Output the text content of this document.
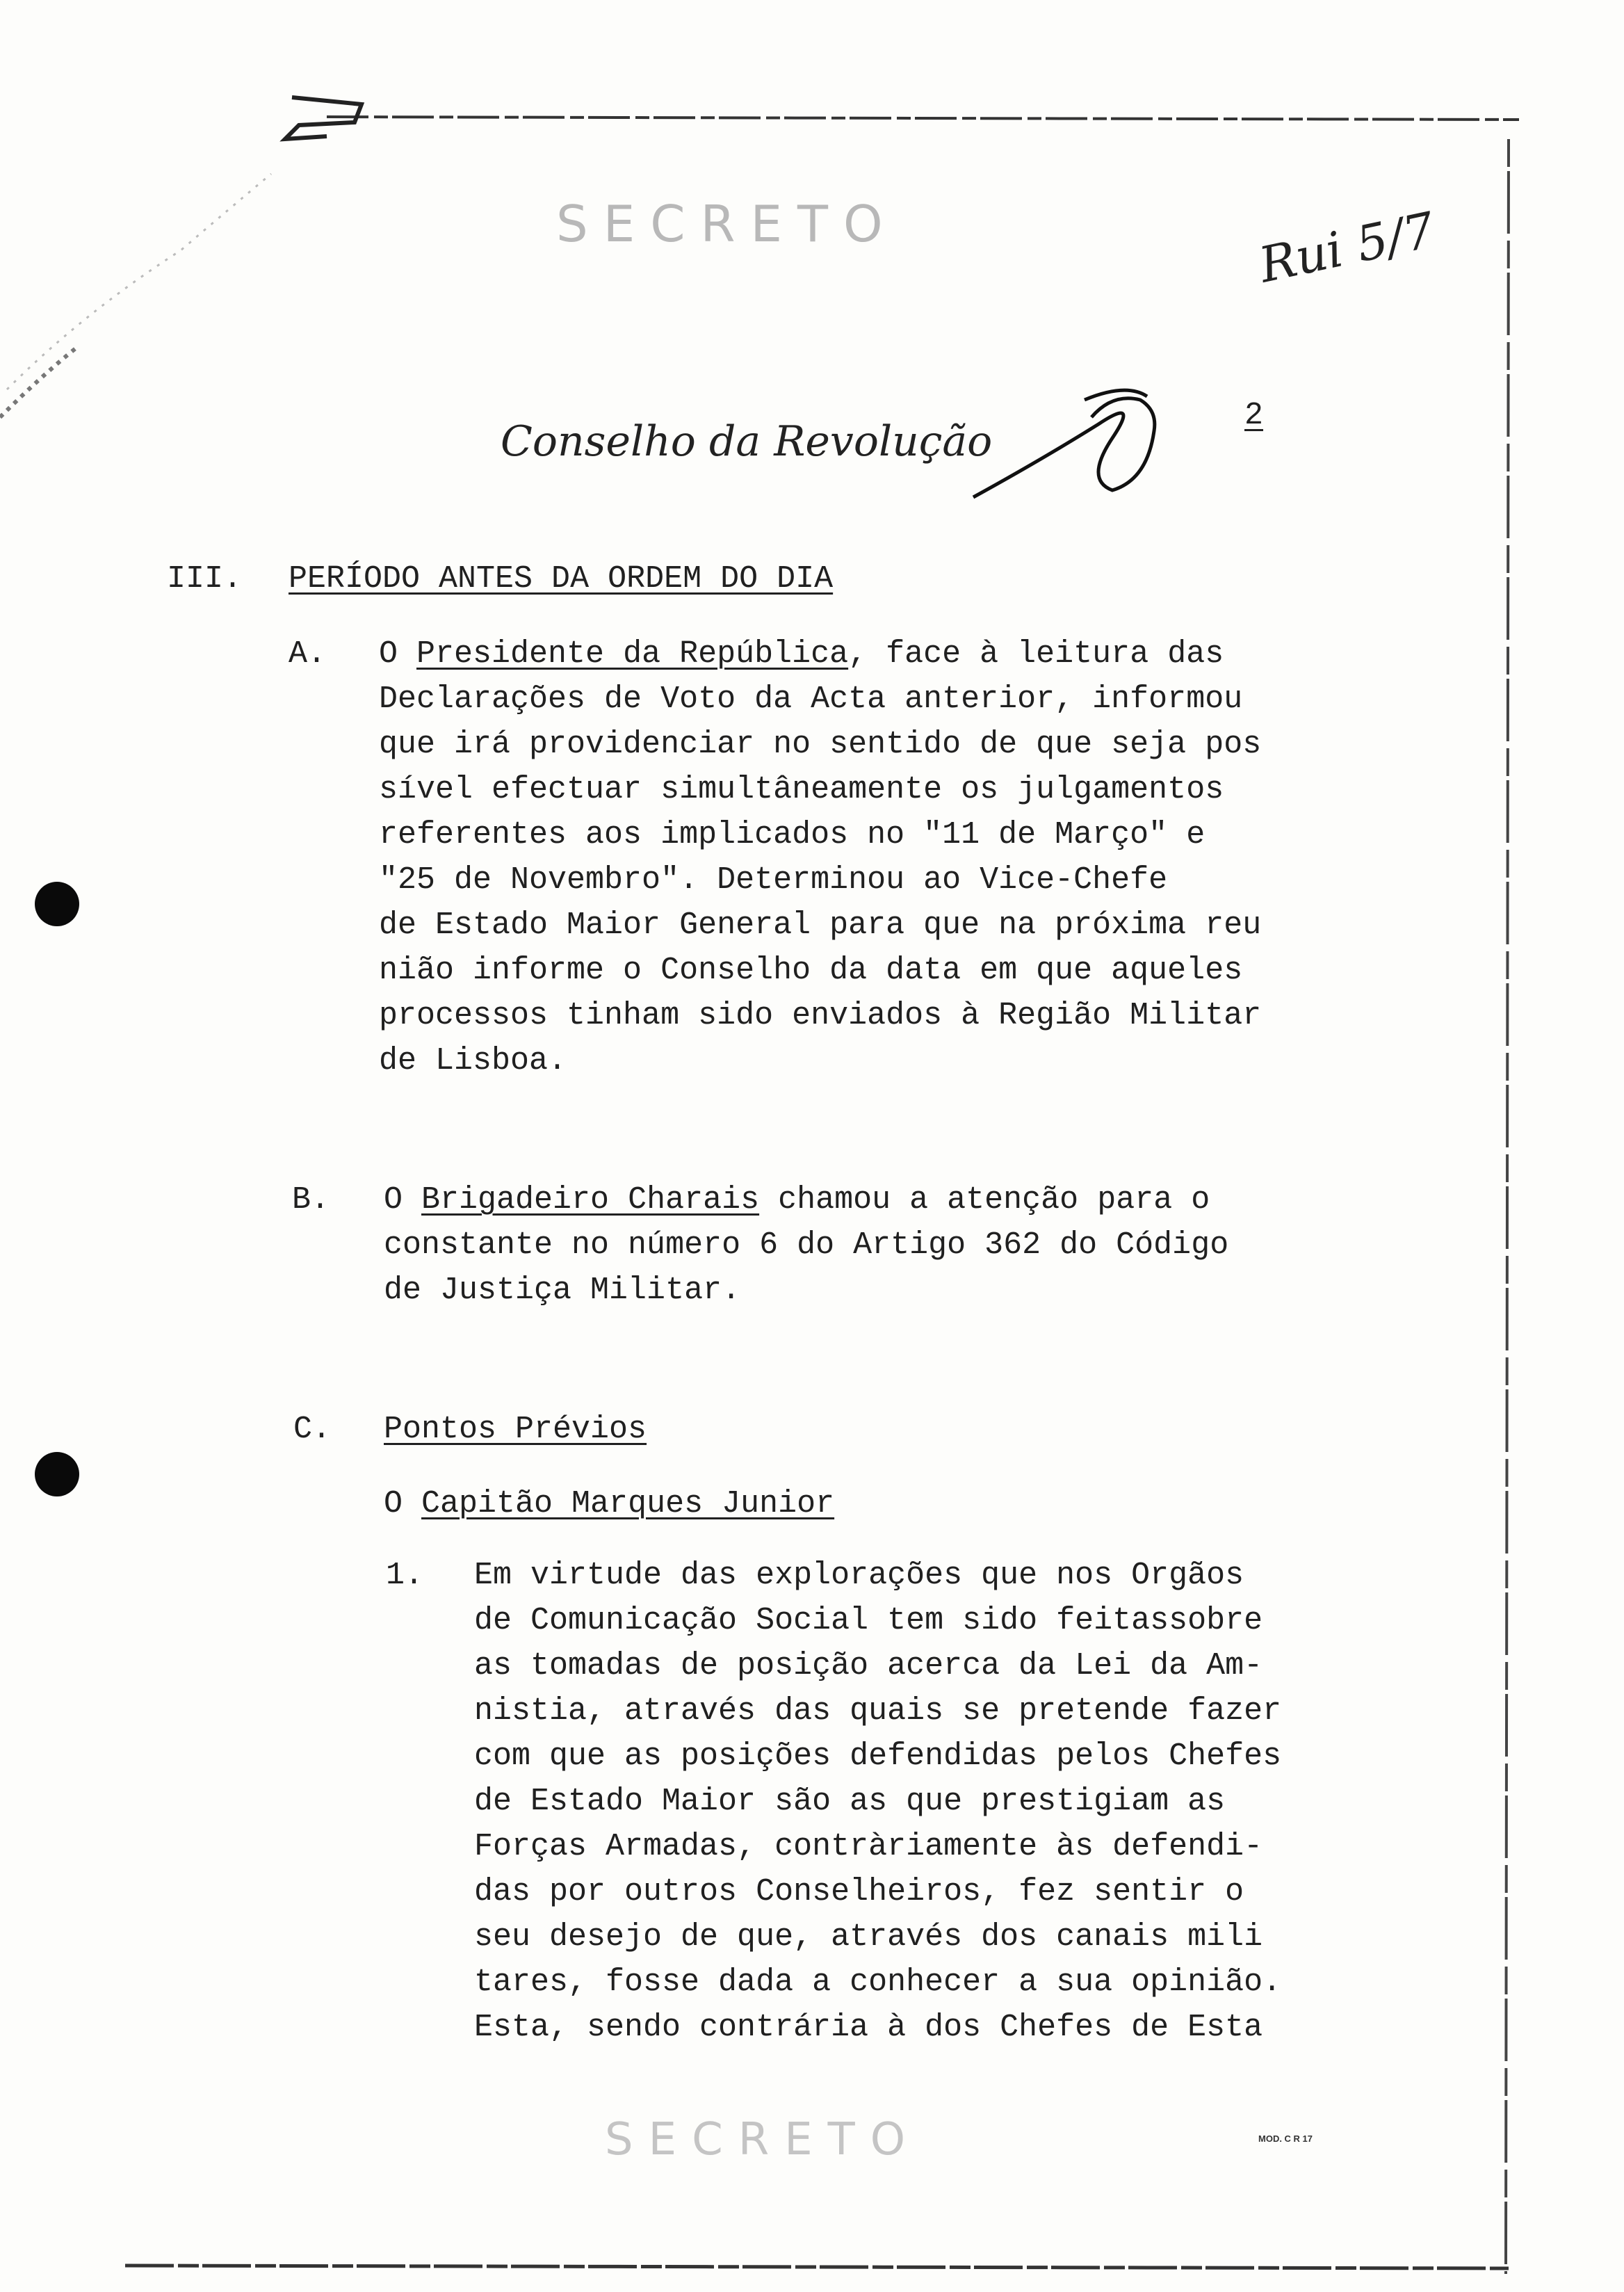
SECRETO	Rui 5/7
Conselho da Revolução
2
III. PERÍODO ANTES DA ORDEM DO DIA
A. O Presidente da República, face à leitura das
Declarações de Voto da Acta anterior, informou
que irá providenciar no sentido de que seja pos
sível efectuar simultâneamente os julgamentos
referentes aos implicados no "11 de Março" e
"25 de Novembro". Determinou ao Vice-Chefe
de Estado Maior General para que na próxima reu
nião informe o Conselho da data em que aqueles
processos tinham sido enviados à Região Militar
de Lisboa.
B. O Brigadeiro Charais chamou a atenção para o
constante no número 6 do Artigo 362 do Código
de Justiça Militar.
C. Pontos Prévios
O Capitão Marques Junior
1. Em virtude das explorações que nos Orgãos
de Comunicação Social tem sido feitassobre
as tomadas de posição acerca da Lei da Am-
nistia, através das quais se pretende fazer
com que as posições defendidas pelos Chefes
de Estado Maior são as que prestigiam as
Forças Armadas, contràriamente às defendi-
das por outros Conselheiros, fez sentir o
seu desejo de que, através dos canais mili
tares, fosse dada a conhecer a sua opinião.
Esta, sendo contrária à dos Chefes de Esta
SECRETO	MOD. C R 17
